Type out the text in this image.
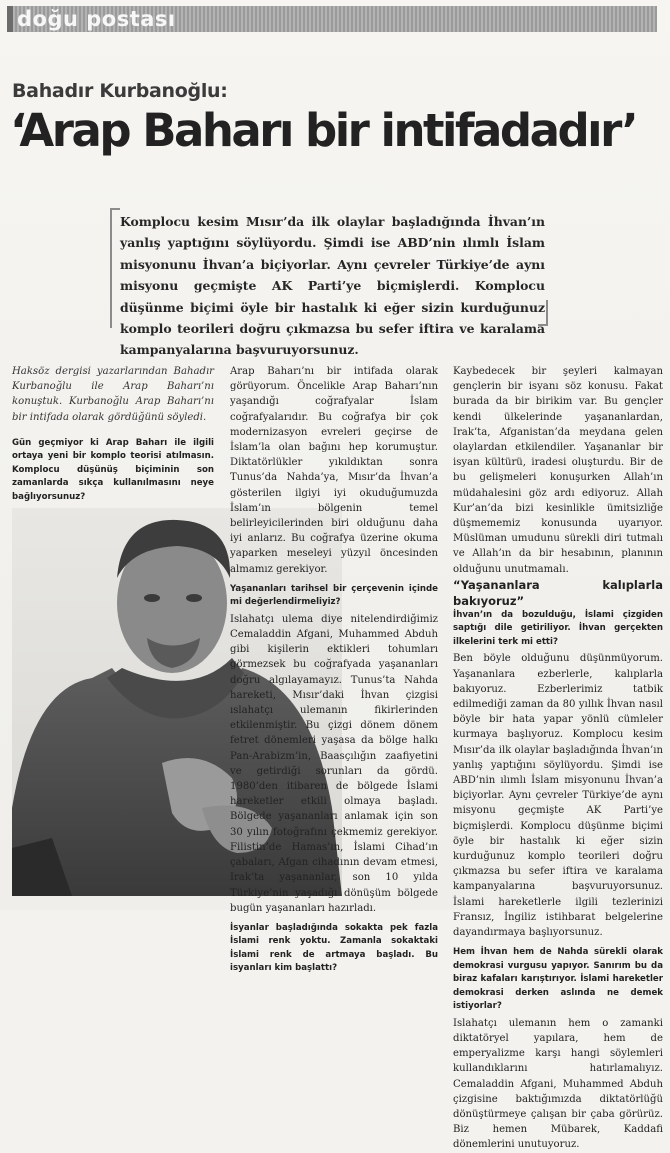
doğu postası
Bahadır Kurbanoğlu:
‘Arap Baharı bir intifadadır’
Komplocu kesim Mısır’da ilk olaylar başladığında İhvan’ın yanlış yaptığını söylüyordu. Şimdi ise ABD’nin ılımlı İslam misyonunu İhvan’a biçiyorlar. Aynı çevreler Türkiye’de aynı misyonu geçmişte AK Parti’ye biçmişlerdi. Komplocu düşünme biçimi öyle bir hastalık ki eğer sizin kurduğunuz komplo teorileri doğru çıkmazsa bu sefer iftira ve karalama kampanyalarına başvuruyorsunuz.

Haksöz dergisi yazarlarından Bahadır Kurbanoğlu ile Arap Baharı’nı konuştuk. Kurbanoğlu Arap Baharı’nı bir intifada olarak gördüğünü söyledi.

Gün geçmiyor ki Arap Baharı ile ilgili ortaya yeni bir komplo teorisi atılmasın. Komplocu düşünüş biçiminin son zamanlarda sıkça kullanılmasını neye bağlıyorsunuz?

Arap Baharı’nı bir intifada olarak görüyorum. Öncelikle Arap Baharı’nın yaşandığı coğrafyalar İslam coğrafyalarıdır. Bu coğrafya bir çok modernizasyon evreleri geçirse de İslam’la olan bağını hep korumuştur. Diktatörlükler yıkıldıktan sonra Tunus’da Nahda’ya, Mısır’da İhvan’a gösterilen ilgiyi iyi okuduğumuzda İslam’ın bölgenin temel belirleyicilerinden biri olduğunu daha iyi anlarız. Bu coğrafya üzerine okuma yaparken meseleyi yüzyıl öncesinden almamız gerekiyor.

Yaşananları tarihsel bir çerçevenin içinde mi değerlendirmeliyiz?

Islahatçı ulema diye nitelendirdiğimiz Cemaladdin Afgani, Muhammed Abduh gibi kişilerin ektikleri tohumları görmezsek bu coğrafyada yaşananları doğru algılayamayız. Tunus’ta Nahda hareketi, Mısır’daki İhvan çizgisi ıslahatçı ulemanın fikirlerinden etkilenmiştir. Bu çizgi dönem dönem fetret dönemleri yaşasa da bölge halkı Pan-Arabizm’in, Baasçılığın zaafiyetini ve getirdiği sorunları da gördü. 1980’den itibaren de bölgede İslami hareketler etkili olmaya başladı. Bölgede yaşananları anlamak için son 30 yılın fotoğrafını çekmemiz gerekiyor. Filistin’de Hamas’ın, İslami Cihad’ın çabaları, Afgan cihadının devam etmesi, Irak’ta yaşananlar, son 10 yılda Türkiye’nin yaşadığı dönüşüm bölgede bugün yaşananları hazırladı.

İsyanlar başladığında sokakta pek fazla İslami renk yoktu. Zamanla sokaktaki İslami renk de artmaya başladı. Bu isyanları kim başlattı?

Kaybedecek bir şeyleri kalmayan gençlerin bir isyanı söz konusu. Fakat burada da bir birikim var. Bu gençler kendi ülkelerinde yaşananlardan, Irak’ta, Afganistan’da meydana gelen olaylardan etkilendiler. Yaşananlar bir isyan kültürü, iradesi oluşturdu. Bir de bu gelişmeleri konuşurken Allah’ın müdahalesini göz ardı ediyoruz. Allah Kur’an’da bizi kesinlikle ümitsizliğe düşmememiz konusunda uyarıyor. Müslüman umudunu sürekli diri tutmalı ve Allah’ın da bir hesabının, planının olduğunu unutmamalı.

“Yaşananlara kalıplarla bakıyoruz”

İhvan’ın da bozulduğu, İslami çizgiden saptığı dile getiriliyor. İhvan gerçekten ilkelerini terk mi etti?

Ben böyle olduğunu düşünmüyorum. Yaşananlara ezberlerle, kalıplarla bakıyoruz. Ezberlerimiz tatbik edilmediği zaman da 80 yıllık İhvan nasıl böyle bir hata yapar yönlü cümleler kurmaya başlıyoruz. Komplocu kesim Mısır’da ilk olaylar başladığında İhvan’ın yanlış yaptığını söylüyordu. Şimdi ise ABD’nin ılımlı İslam misyonunu İhvan’a biçiyorlar. Aynı çevreler Türkiye’de aynı misyonu geçmişte AK Parti’ye biçmişlerdi. Komplocu düşünme biçimi öyle bir hastalık ki eğer sizin kurduğunuz komplo teorileri doğru çıkmazsa bu sefer iftira ve karalama kampanyalarına başvuruyorsunuz. İslami hareketlerle ilgili tezlerinizi Fransız, İngiliz istihbarat belgelerine dayandırmaya başlıyorsunuz.

Hem İhvan hem de Nahda sürekli olarak demokrasi vurgusu yapıyor. Sanırım bu da biraz kafaları karıştırıyor. İslami hareketler demokrasi derken aslında ne demek istiyorlar?

Islahatçı ulemanın hem o zamanki diktatöryel yapılara, hem de emperyalizme karşı hangi söylemleri kullandıklarını hatırlamalıyız. Cemaladdin Afgani, Muhammed Abduh çizgisine baktığımızda diktatörlüğü dönüştürmeye çalışan bir çaba görürüz. Biz hemen Mübarek, Kaddafi dönemlerini unutuyoruz.
